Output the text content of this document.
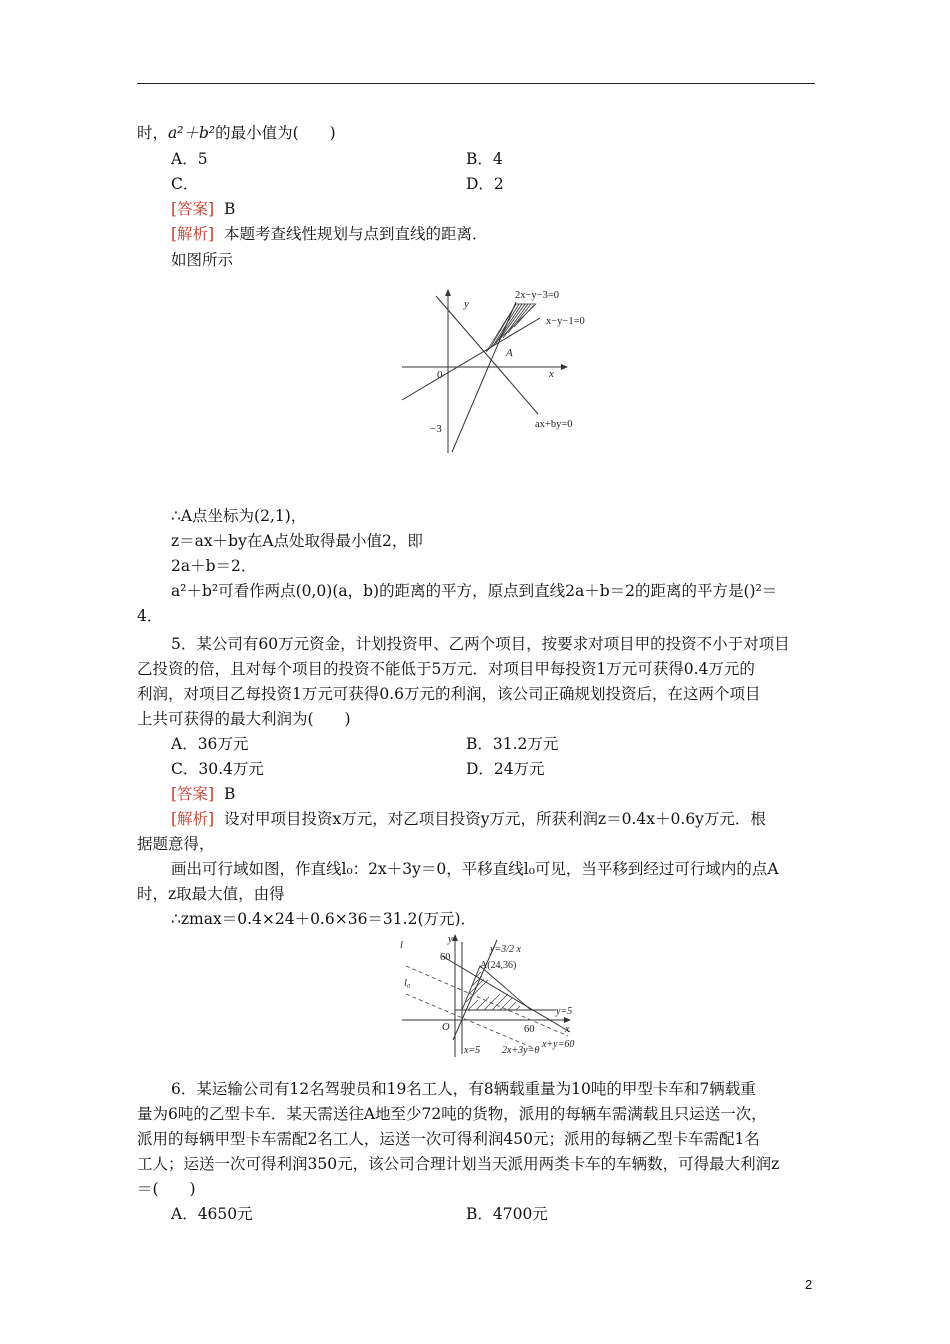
时，a²＋b²的最小值为(　　)
A．5	B．4
C．	D．2
[答案] B
[解析] 本题考查线性规划与点到直线的距离．
如图所示
y
x
0
−3
A
2x−y−3=0
x−y−1=0
ax+by=0
∴A点坐标为(2,1)，
z＝ax＋by在A点处取得最小值2，即
2a＋b＝2．
a²＋b²可看作两点(0,0)(a，b)的距离的平方，原点到直线2a＋b＝2的距离的平方是()²＝
4．
5．某公司有60万元资金，计划投资甲、乙两个项目，按要求对项目甲的投资不小于对项目
乙投资的倍，且对每个项目的投资不能低于5万元．对项目甲每投资1万元可获得0.4万元的
利润，对项目乙每投资1万元可获得0.6万元的利润，该公司正确规划投资后，在这两个项目
上共可获得的最大利润为(　　)
A．36万元	B．31.2万元
C．30.4万元	D．24万元
[答案] B
[解析] 设对甲项目投资x万元，对乙项目投资y万元，所获利润z＝0.4x＋0.6y万元．根
据题意得，
画出可行域如图，作直线l₀：2x＋3y＝0，平移直线l₀可见，当平移到经过可行域内的点A
时，z取最大值，由得
∴zmax＝0.4×24＋0.6×36＝31.2(万元)．
l
l₀
y
x
O
60
60
y=3/2 x
A(24,36)
y=5
x+y=60
x=5 2x+3y=0
6．某运输公司有12名驾驶员和19名工人，有8辆载重量为10吨的甲型卡车和7辆载重
量为6吨的乙型卡车．某天需送往A地至少72吨的货物，派用的每辆车需满载且只运送一次，
派用的每辆甲型卡车需配2名工人，运送一次可得利润450元；派用的每辆乙型卡车需配1名
工人；运送一次可得利润350元，该公司合理计划当天派用两类卡车的车辆数，可得最大利润z
＝(　　)
A．4650元	B．4700元
2
